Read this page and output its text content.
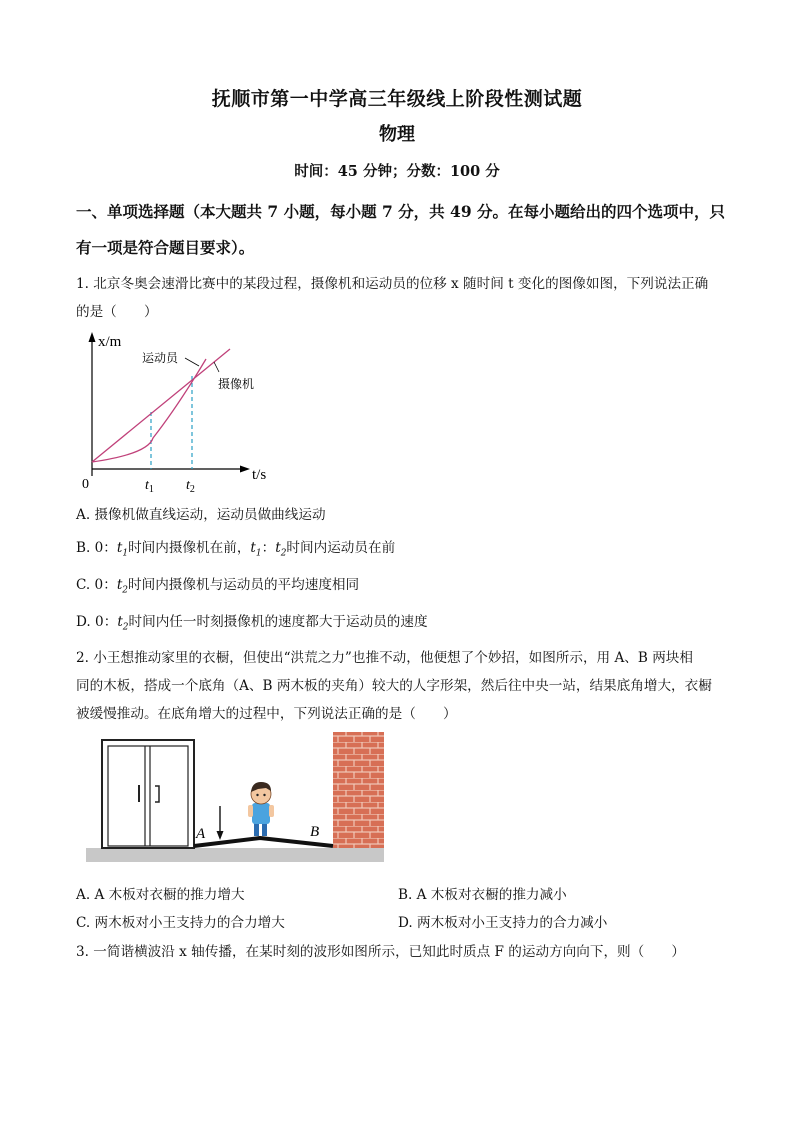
抚顺市第一中学高三年级线上阶段性测试题
物理
时间：45 分钟；分数：100 分
一、单项选择题（本大题共 7 小题，每小题 7 分，共 49 分。在每小题给出的四个选项中，只
有一项是符合题目要求）。
1. 北京冬奥会速滑比赛中的某段过程，摄像机和运动员的位移 x 随时间 t 变化的图像如图，下列说法正确
的是（　　）
x/m
t/s
0	$t_1$ $t_2$
运动员
摄像机
A. 摄像机做直线运动，运动员做曲线运动
B. 0：$t_1$时间内摄像机在前，$t_1$：$t_2$时间内运动员在前
C. 0：$t_2$时间内摄像机与运动员的平均速度相同
D. 0：$t_2$时间内任一时刻摄像机的速度都大于运动员的速度
2. 小王想推动家里的衣橱，但使出“洪荒之力”也推不动，他便想了个妙招，如图所示，用 A、B 两块相
同的木板，搭成一个底角（A、B 两木板的夹角）较大的人字形架，然后往中央一站，结果底角增大，衣橱
被缓慢推动。在底角增大的过程中，下列说法正确的是（　　）
A	B
A. A 木板对衣橱的推力增大	B. A 木板对衣橱的推力减小
C. 两木板对小王支持力的合力增大	D. 两木板对小王支持力的合力减小
3. 一简谐横波沿 x 轴传播，在某时刻的波形如图所示，已知此时质点 F 的运动方向向下，则（　　）
